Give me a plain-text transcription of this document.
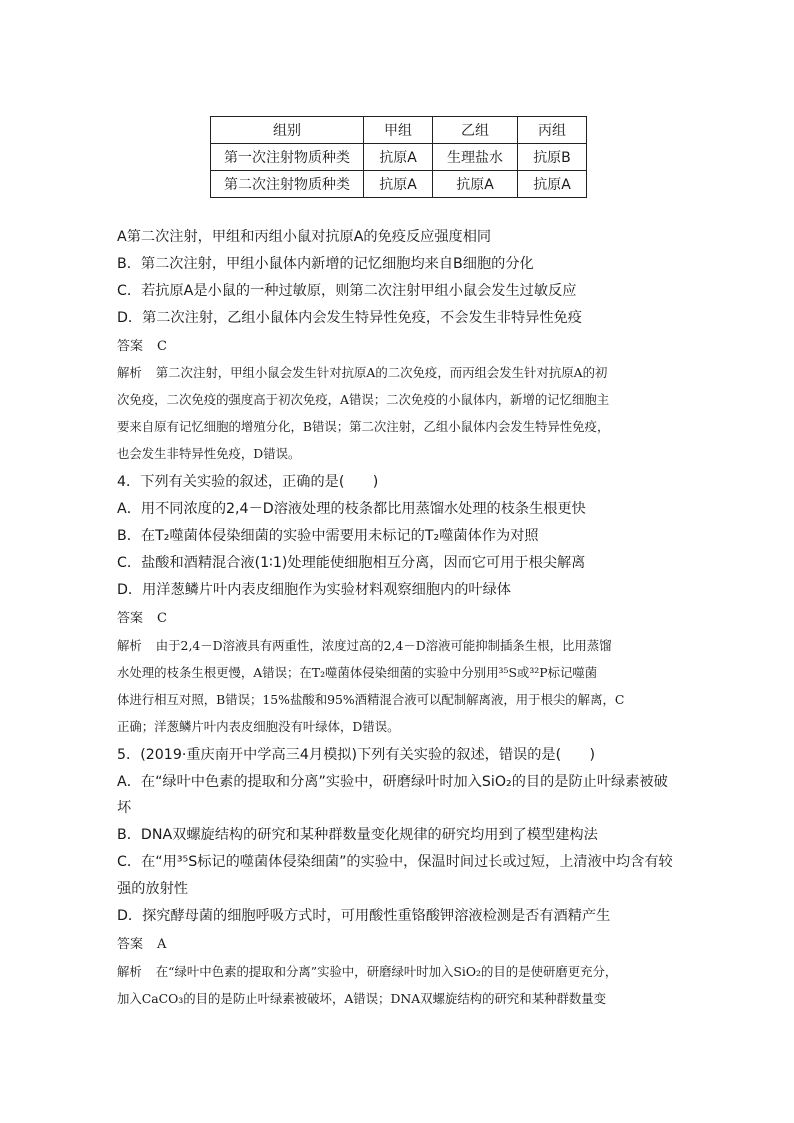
组别	甲组	乙组	丙组
第一次注射物质种类	抗原A	生理盐水	抗原B
第二次注射物质种类	抗原A	抗原A	抗原A
A第二次注射，甲组和丙组小鼠对抗原A的免疫反应强度相同
B．第二次注射，甲组小鼠体内新增的记忆细胞均来自B细胞的分化
C．若抗原A是小鼠的一种过敏原，则第二次注射甲组小鼠会发生过敏反应
D．第二次注射，乙组小鼠体内会发生特异性免疫，不会发生非特异性免疫
答案 C
解析 第二次注射，甲组小鼠会发生针对抗原A的二次免疫，而丙组会发生针对抗原A的初
次免疫，二次免疫的强度高于初次免疫，A错误；二次免疫的小鼠体内，新增的记忆细胞主
要来自原有记忆细胞的增殖分化，B错误；第二次注射，乙组小鼠体内会发生特异性免疫，
也会发生非特异性免疫，D错误。
4．下列有关实验的叙述，正确的是(　　)
A．用不同浓度的2,4－D溶液处理的枝条都比用蒸馏水处理的枝条生根更快
B．在T₂噬菌体侵染细菌的实验中需要用未标记的T₂噬菌体作为对照
C．盐酸和酒精混合液(1∶1)处理能使细胞相互分离，因而它可用于根尖解离
D．用洋葱鳞片叶内表皮细胞作为实验材料观察细胞内的叶绿体
答案 C
解析 由于2,4－D溶液具有两重性，浓度过高的2,4－D溶液可能抑制插条生根，比用蒸馏
水处理的枝条生根更慢，A错误；在T₂噬菌体侵染细菌的实验中分别用³⁵S或³²P标记噬菌
体进行相互对照，B错误；15%盐酸和95%酒精混合液可以配制解离液，用于根尖的解离，C
正确；洋葱鳞片叶内表皮细胞没有叶绿体，D错误。
5．(2019·重庆南开中学高三4月模拟)下列有关实验的叙述，错误的是(　　)
A．在“绿叶中色素的提取和分离”实验中，研磨绿叶时加入SiO₂的目的是防止叶绿素被破
坏
B．DNA双螺旋结构的研究和某种群数量变化规律的研究均用到了模型建构法
C．在“用³⁵S标记的噬菌体侵染细菌”的实验中，保温时间过长或过短，上清液中均含有较
强的放射性
D．探究酵母菌的细胞呼吸方式时，可用酸性重铬酸钾溶液检测是否有酒精产生
答案 A
解析 在“绿叶中色素的提取和分离”实验中，研磨绿叶时加入SiO₂的目的是使研磨更充分，
加入CaCO₃的目的是防止叶绿素被破坏，A错误；DNA双螺旋结构的研究和某种群数量变
